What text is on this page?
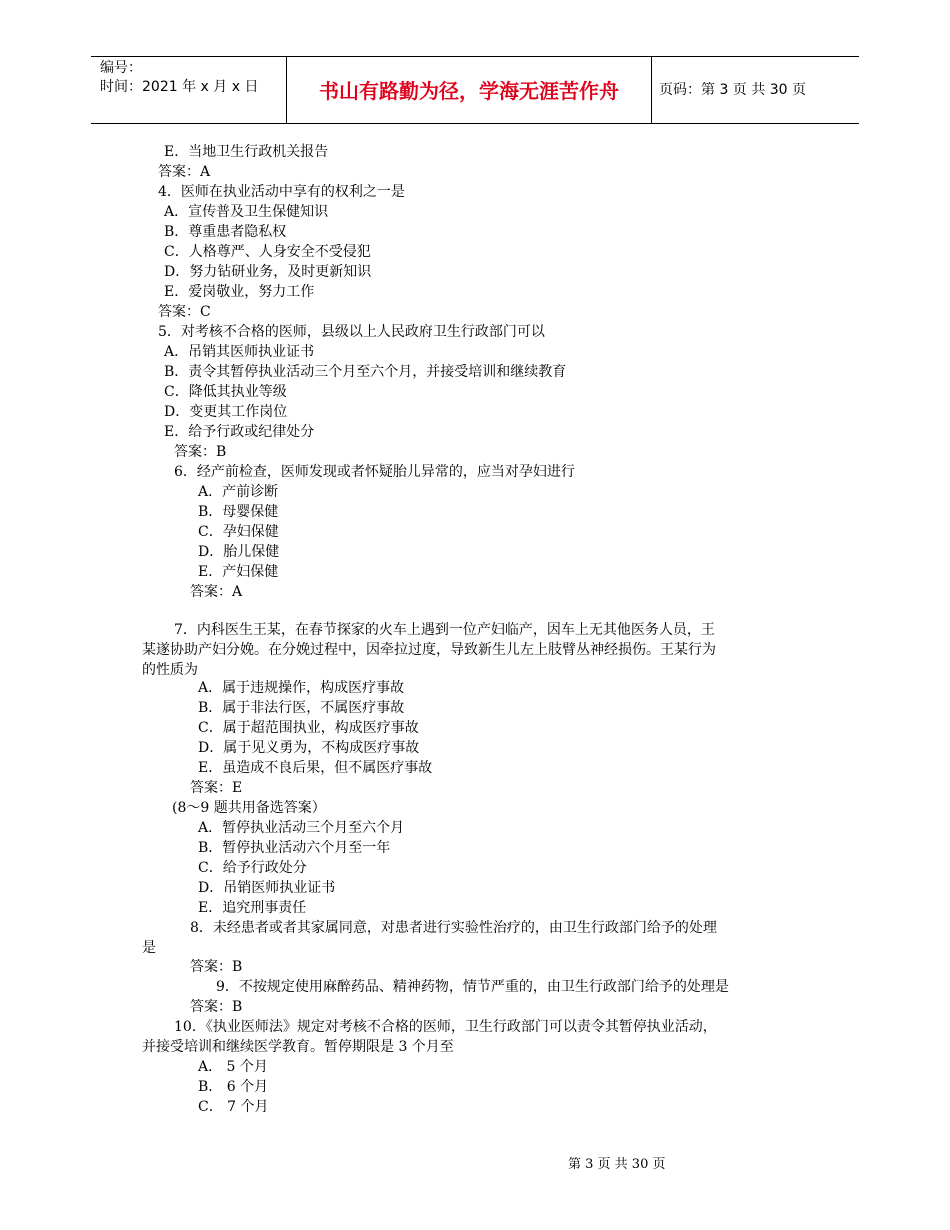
编号：
时间：2021 年 x 月 x 日	书山有路勤为径，学海无涯苦作舟	页码：第 3 页 共 30 页
E．当地卫生行政机关报告
答案：A
4．医师在执业活动中享有的权利之一是
A．宣传普及卫生保健知识
B．尊重患者隐私权
C．人格尊严、人身安全不受侵犯
D．努力钻研业务，及时更新知识
E．爱岗敬业，努力工作
答案：C
5．对考核不合格的医师，县级以上人民政府卫生行政部门可以
A．吊销其医师执业证书
B．责令其暂停执业活动三个月至六个月，并接受培训和继续教育
C．降低其执业等级
D．变更其工作岗位
E．给予行政或纪律处分
答案：B
6．经产前检查，医师发现或者怀疑胎儿异常的，应当对孕妇进行
A．产前诊断
B．母婴保健
C．孕妇保健
D．胎儿保健
E．产妇保健
答案：A
7．内科医生王某，在春节探家的火车上遇到一位产妇临产，因车上无其他医务人员，王
某遂协助产妇分娩。在分娩过程中，因牵拉过度，导致新生儿左上肢臂丛神经损伤。王某行为
的性质为
A．属于违规操作，构成医疗事故
B．属于非法行医，不属医疗事故
C．属于超范围执业，构成医疗事故
D．属于见义勇为，不构成医疗事故
E．虽造成不良后果，但不属医疗事故
答案：E
(8～9 题共用备选答案）
A．暂停执业活动三个月至六个月
B．暂停执业活动六个月至一年
C．给予行政处分
D．吊销医师执业证书
E．追究刑事责任
8．未经患者或者其家属同意，对患者进行实验性治疗的，由卫生行政部门给予的处理
是
答案：B
9．不按规定使用麻醉药品、精神药物，情节严重的，由卫生行政部门给予的处理是
答案：B
10．《执业医师法》规定对考核不合格的医师，卫生行政部门可以责令其暂停执业活动，
并接受培训和继续医学教育。暂停期限是 3 个月至
A． 5 个月
B． 6 个月
C． 7 个月
第 3 页 共 30 页
